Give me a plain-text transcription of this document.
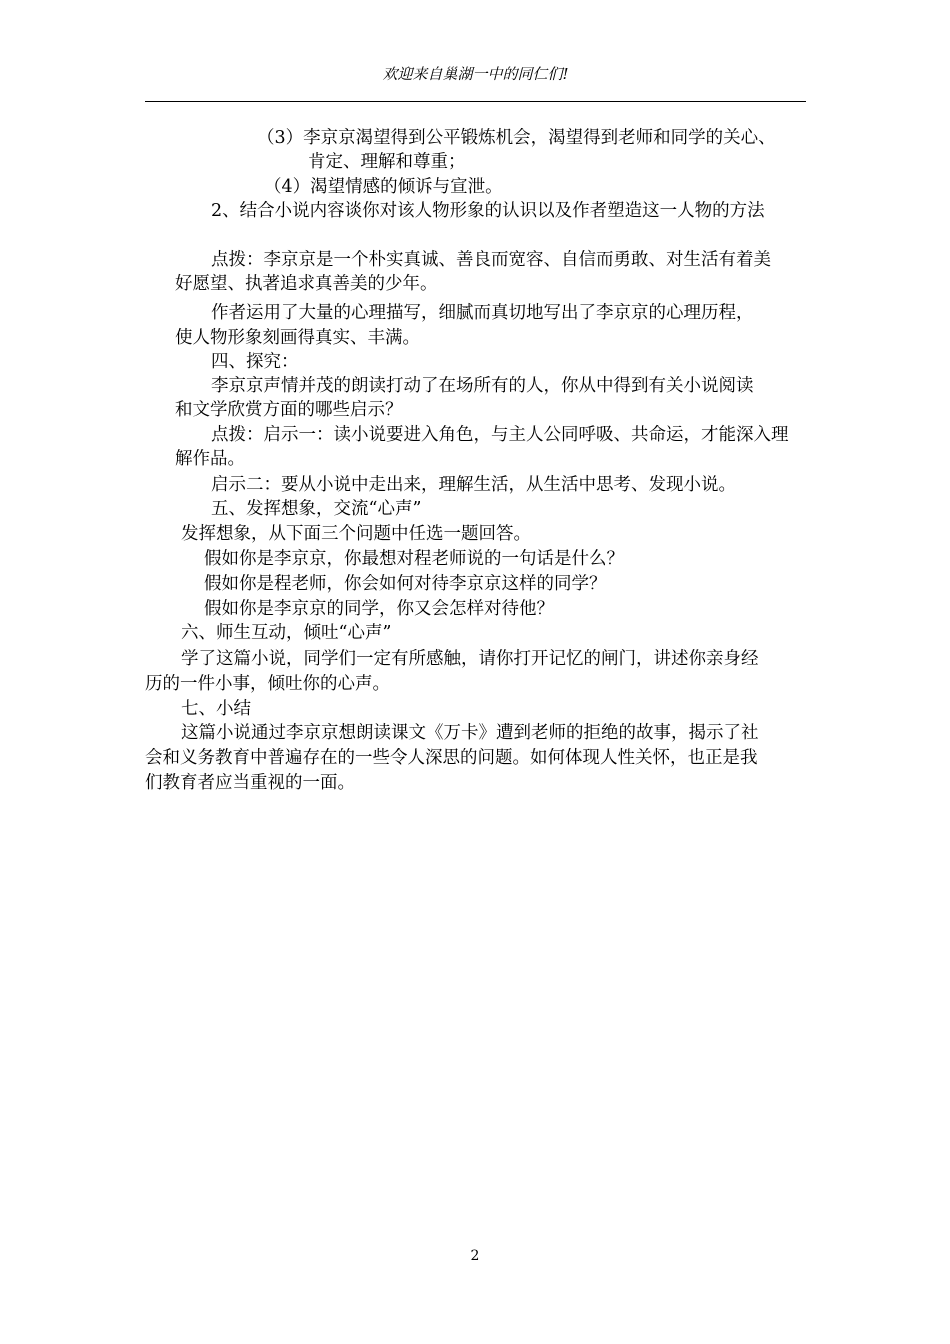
欢迎来自巢湖一中的同仁们!
（3）李京京渴望得到公平锻炼机会，渴望得到老师和同学的关心、
肯定、理解和尊重；
（4）渴望情感的倾诉与宣泄。
2、结合小说内容谈你对该人物形象的认识以及作者塑造这一人物的方法
点拨：李京京是一个朴实真诚、善良而宽容、自信而勇敢、对生活有着美
好愿望、执著追求真善美的少年。
作者运用了大量的心理描写，细腻而真切地写出了李京京的心理历程，
使人物形象刻画得真实、丰满。
四、探究：
李京京声情并茂的朗读打动了在场所有的人，你从中得到有关小说阅读
和文学欣赏方面的哪些启示？
点拨：启示一：读小说要进入角色，与主人公同呼吸、共命运，才能深入理
解作品。
启示二：要从小说中走出来，理解生活，从生活中思考、发现小说。
五、发挥想象，交流“心声”
发挥想象，从下面三个问题中任选一题回答。
假如你是李京京，你最想对程老师说的一句话是什么？
假如你是程老师，你会如何对待李京京这样的同学？
假如你是李京京的同学，你又会怎样对待他？
六、师生互动，倾吐“心声”
学了这篇小说，同学们一定有所感触，请你打开记忆的闸门，讲述你亲身经
历的一件小事，倾吐你的心声。
七、小结
这篇小说通过李京京想朗读课文《万卡》遭到老师的拒绝的故事，揭示了社
会和义务教育中普遍存在的一些令人深思的问题。如何体现人性关怀，也正是我
们教育者应当重视的一面。
2
